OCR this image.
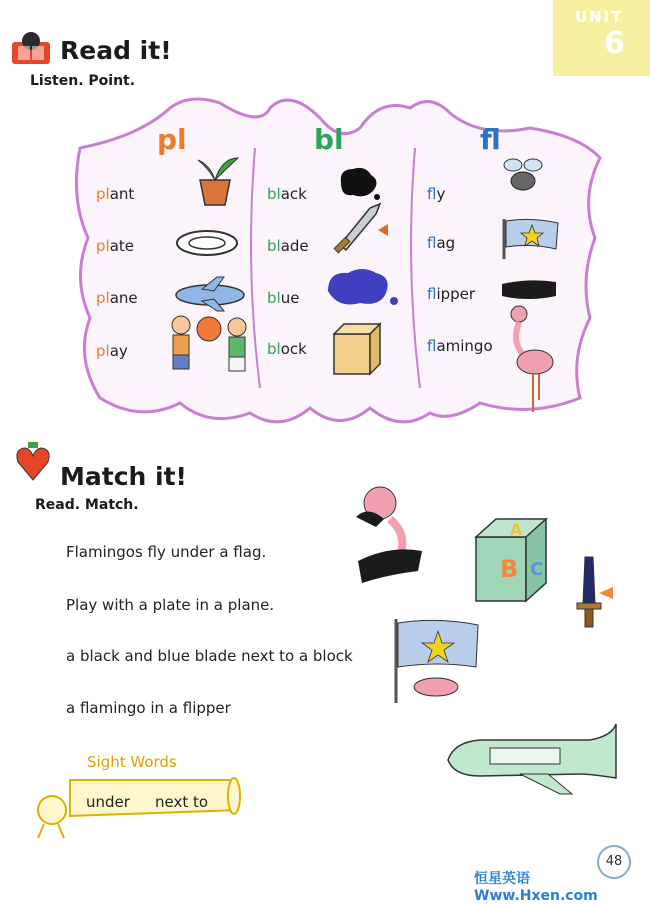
UNIT
6
Read it!
Listen. Point.
pl
plant
plate
plane
play
bl
black
blade
blue
block
fl
fly
flag
flipper
flamingo
Match it!
Read. Match.
Flamingos fly under a flag.
Play with a plate in a plane.
a black and blue blade next to a block
a flamingo in a flipper
B
A
C
Sight Words
under next to
48
恒星英语 Www.Hxen.com
